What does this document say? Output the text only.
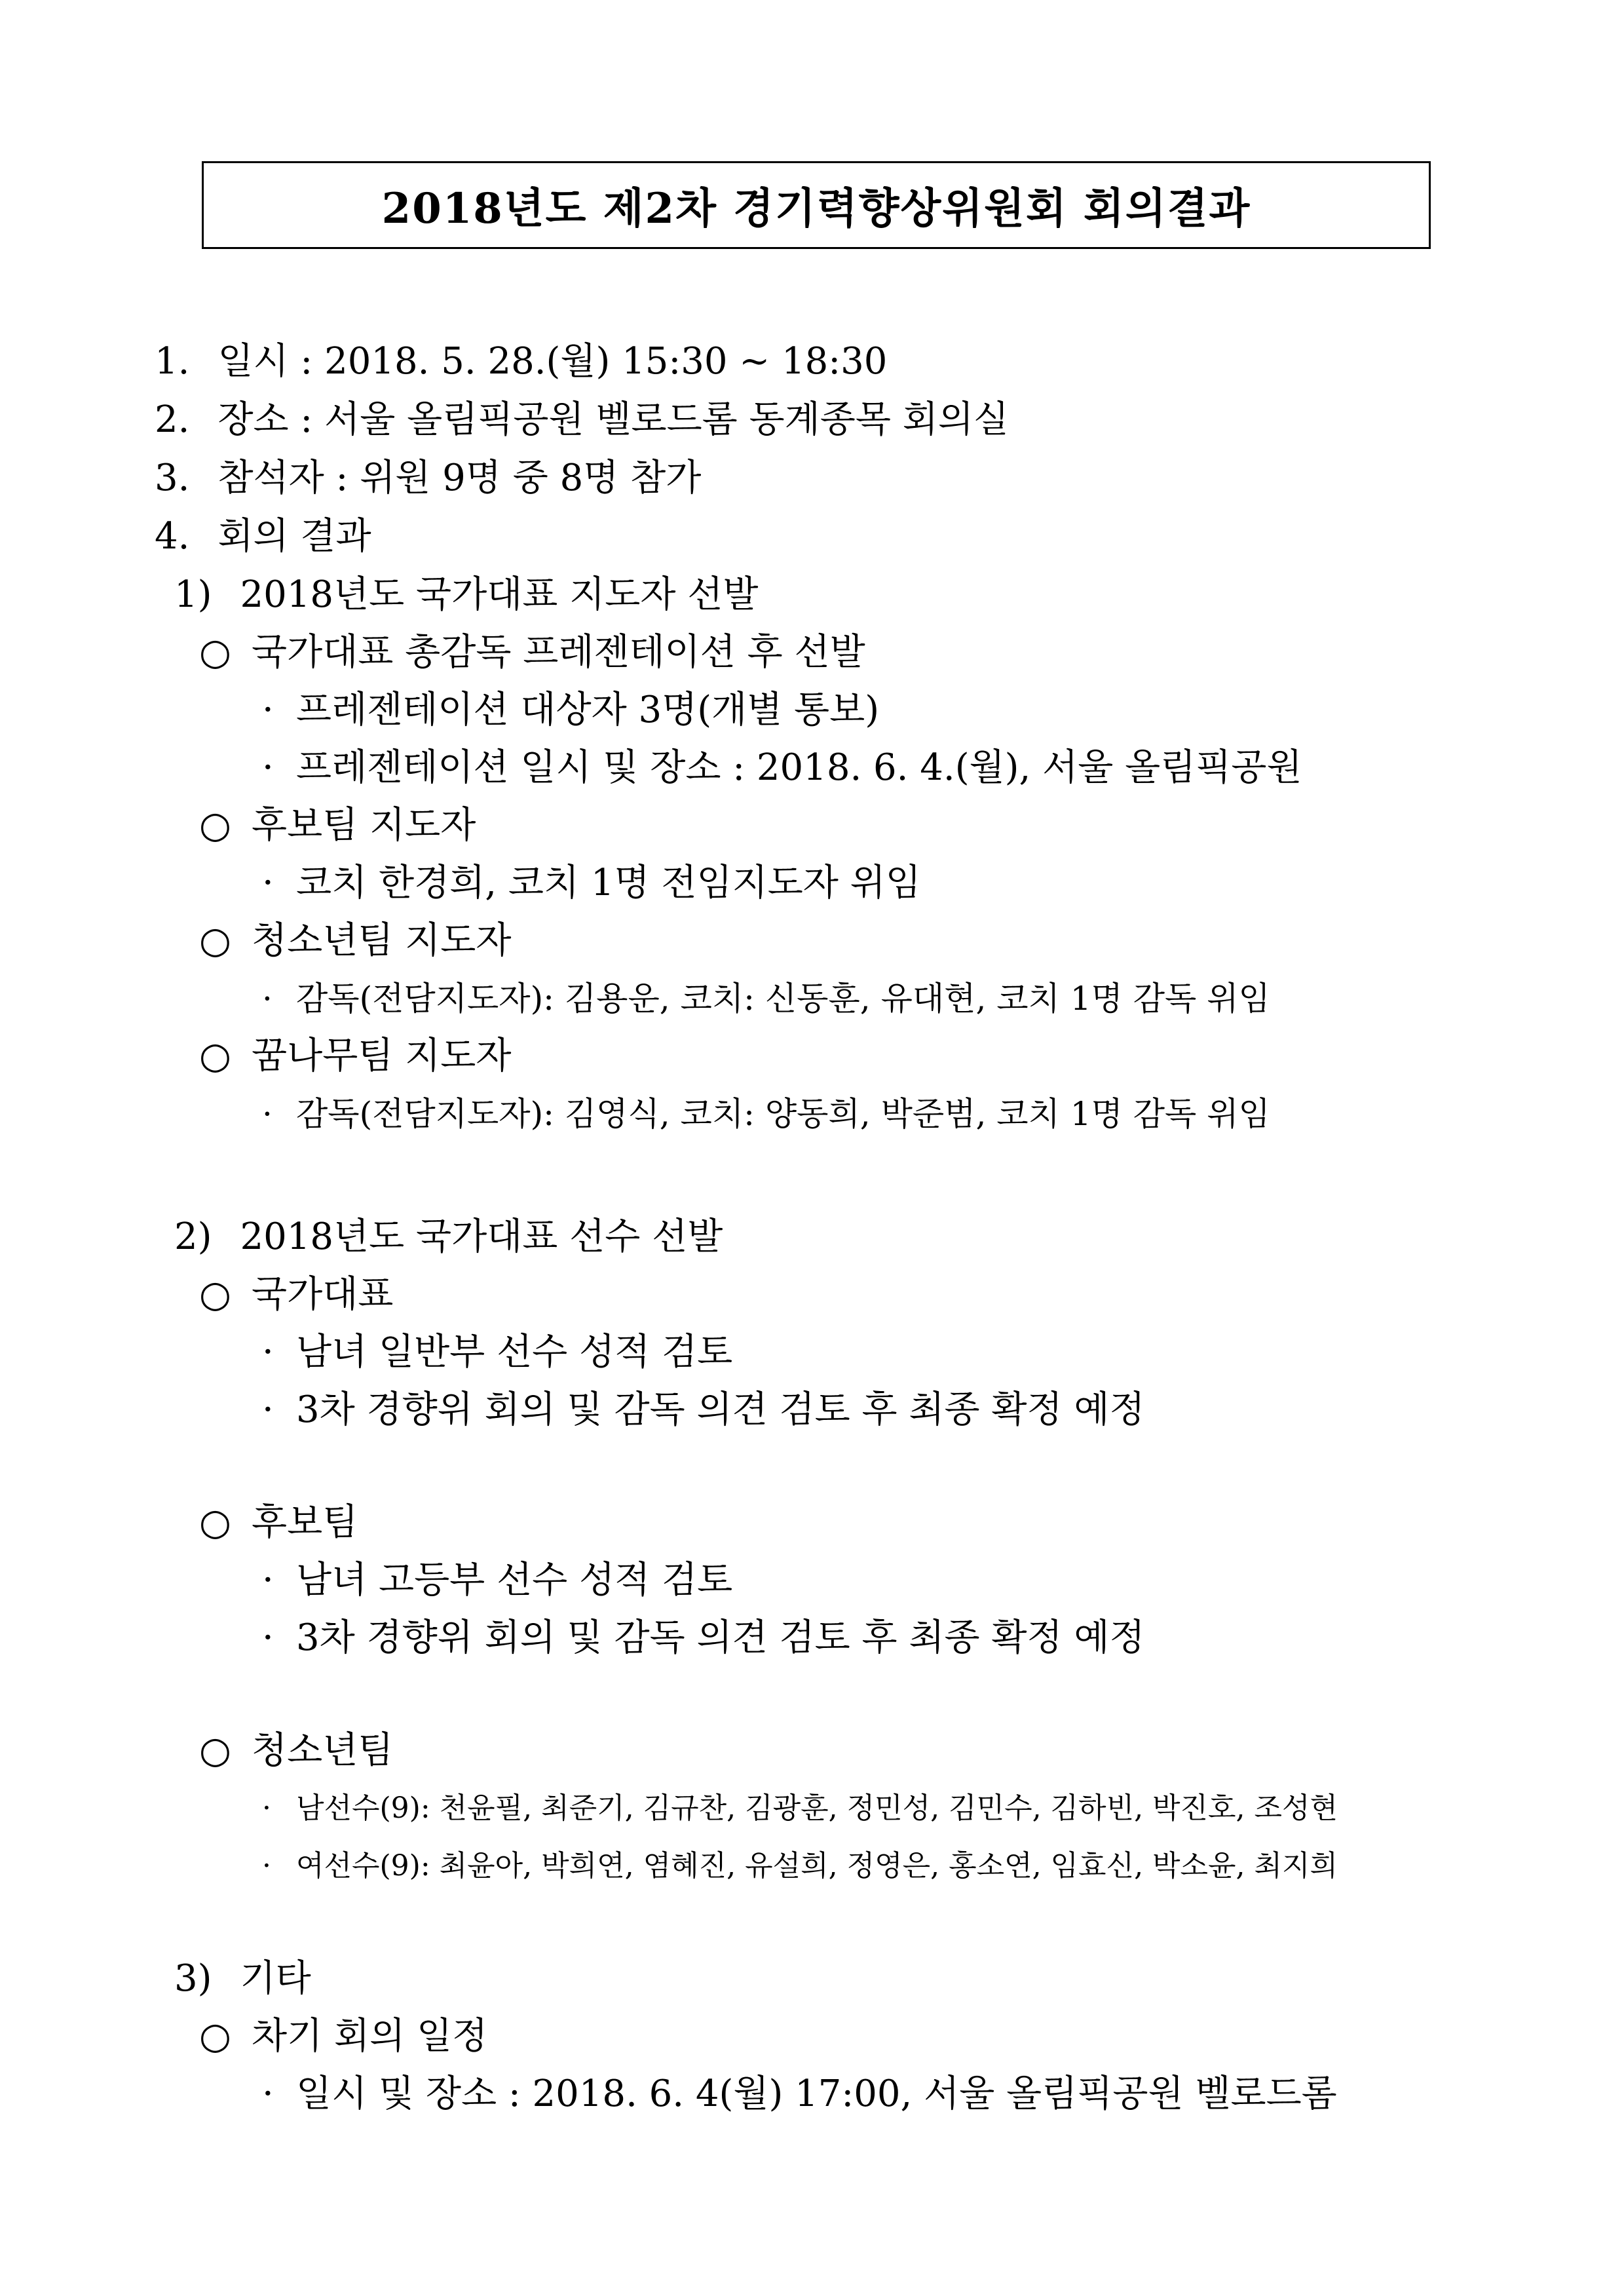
2018년도 제2차 경기력향상위원회 회의결과
1. 일시 : 2018. 5. 28.(월) 15:30 ~ 18:30
2. 장소 : 서울 올림픽공원 벨로드롬 동계종목 회의실
3. 참석자 : 위원 9명 중 8명 참가
4. 회의 결과
1) 2018년도 국가대표 지도자 선발
○ 국가대표 총감독 프레젠테이션 후 선발
· 프레젠테이션 대상자 3명(개별 통보)
· 프레젠테이션 일시 및 장소 : 2018. 6. 4.(월), 서울 올림픽공원
○ 후보팀 지도자
· 코치 한경희, 코치 1명 전임지도자 위임
○ 청소년팀 지도자
· 감독(전담지도자): 김용운, 코치: 신동훈, 유대현, 코치 1명 감독 위임
○ 꿈나무팀 지도자
· 감독(전담지도자): 김영식, 코치: 양동희, 박준범, 코치 1명 감독 위임
2) 2018년도 국가대표 선수 선발
○ 국가대표
· 남녀 일반부 선수 성적 검토
· 3차 경향위 회의 및 감독 의견 검토 후 최종 확정 예정
○ 후보팀
· 남녀 고등부 선수 성적 검토
· 3차 경향위 회의 및 감독 의견 검토 후 최종 확정 예정
○ 청소년팀
· 남선수(9): 천윤필, 최준기, 김규찬, 김광훈, 정민성, 김민수, 김하빈, 박진호, 조성현
· 여선수(9): 최윤아, 박희연, 염혜진, 유설희, 정영은, 홍소연, 임효신, 박소윤, 최지희
3) 기타
○ 차기 회의 일정
· 일시 및 장소 : 2018. 6. 4(월) 17:00, 서울 올림픽공원 벨로드롬
